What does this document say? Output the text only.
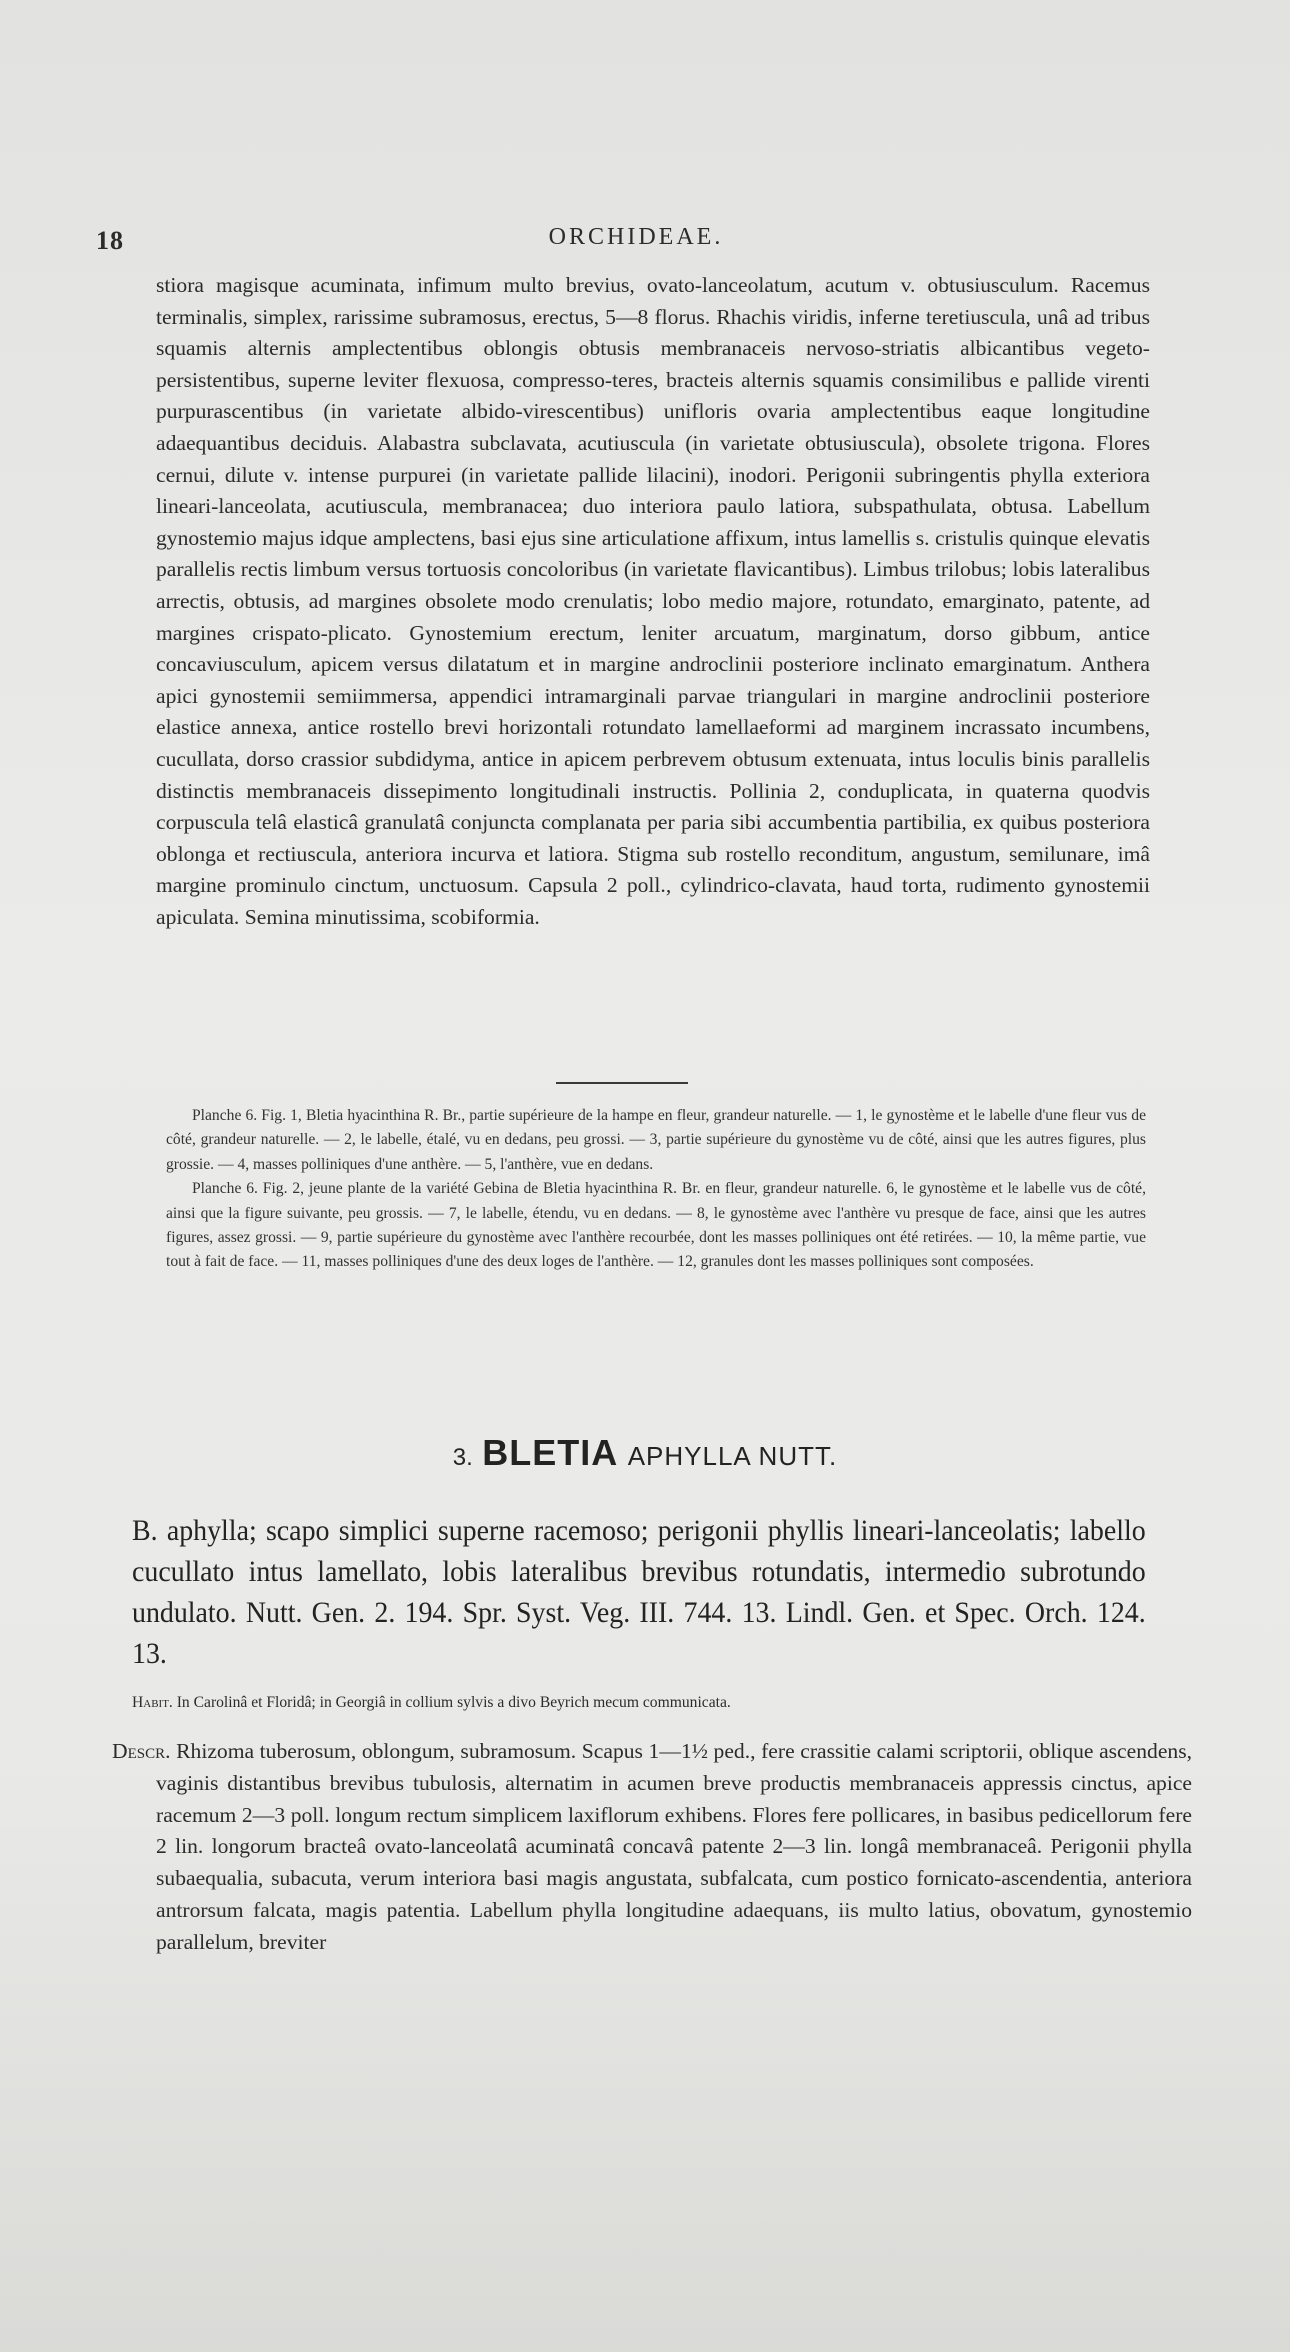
18	ORCHIDEAE.

stiora magisque acuminata, infimum multo brevius, ovato-lanceolatum, acutum v. obtusiusculum. Racemus terminalis, simplex, rarissime subramosus, erectus, 5—8 florus. Rhachis viridis, inferne teretiuscula, unâ ad tribus squamis alternis amplectentibus oblongis obtusis membranaceis nervoso-striatis albicantibus vegeto-persistentibus, superne leviter flexuosa, compresso-teres, bracteis alternis squamis consimilibus e pallide virenti purpurascentibus (in varietate albido-virescentibus) unifloris ovaria amplectentibus eaque longitudine adaequantibus deciduis. Alabastra subclavata, acutiuscula (in varietate obtusiuscula), obsolete trigona. Flores cernui, dilute v. intense purpurei (in varietate pallide lilacini), inodori. Perigonii subringentis phylla exteriora lineari-lanceolata, acutiuscula, membranacea; duo interiora paulo latiora, subspathulata, obtusa. Labellum gynostemio majus idque amplectens, basi ejus sine articulatione affixum, intus lamellis s. cristulis quinque elevatis parallelis rectis limbum versus tortuosis concoloribus (in varietate flavicantibus). Limbus trilobus; lobis lateralibus arrectis, obtusis, ad margines obsolete modo crenulatis; lobo medio majore, rotundato, emarginato, patente, ad margines crispato-plicato. Gynostemium erectum, leniter arcuatum, marginatum, dorso gibbum, antice concaviusculum, apicem versus dilatatum et in margine androclinii posteriore inclinato emarginatum. Anthera apici gynostemii semiimmersa, appendici intramarginali parvae triangulari in margine androclinii posteriore elastice annexa, antice rostello brevi horizontali rotundato lamellaeformi ad marginem incrassato incumbens, cucullata, dorso crassior subdidyma, antice in apicem perbrevem obtusum extenuata, intus loculis binis parallelis distinctis membranaceis dissepimento longitudinali instructis. Pollinia 2, conduplicata, in quaterna quodvis corpuscula telâ elasticâ granulatâ conjuncta complanata per paria sibi accumbentia partibilia, ex quibus posteriora oblonga et rectiuscula, anteriora incurva et latiora. Stigma sub rostello reconditum, angustum, semilunare, imâ margine prominulo cinctum, unctuosum. Capsula 2 poll., cylindrico-clavata, haud torta, rudimento gynostemii apiculata. Semina minutissima, scobiformia.

Planche 6. Fig. 1, Bletia hyacinthina R. Br., partie supérieure de la hampe en fleur, grandeur naturelle. — 1, le gynostème et le labelle d'une fleur vus de côté, grandeur naturelle. — 2, le labelle, étalé, vu en dedans, peu grossi. — 3, partie supérieure du gynostème vu de côté, ainsi que les autres figures, plus grossie. — 4, masses polliniques d'une anthère. — 5, l'anthère, vue en dedans.

Planche 6. Fig. 2, jeune plante de la variété Gebina de Bletia hyacinthina R. Br. en fleur, grandeur naturelle. 6, le gynostème et le labelle vus de côté, ainsi que la figure suivante, peu grossis. — 7, le labelle, étendu, vu en dedans. — 8, le gynostème avec l'anthère vu presque de face, ainsi que les autres figures, assez grossi. — 9, partie supérieure du gynostème avec l'anthère recourbée, dont les masses polliniques ont été retirées. — 10, la même partie, vue tout à fait de face. — 11, masses polliniques d'une des deux loges de l'anthère. — 12, granules dont les masses polliniques sont composées.

3. BLETIA APHYLLA NUTT.

B. aphylla; scapo simplici superne racemoso; perigonii phyllis lineari-lanceolatis; labello cucullato intus lamellato, lobis lateralibus brevibus rotundatis, intermedio subrotundo undulato. Nutt. Gen. 2. 194. Spr. Syst. Veg. III. 744. 13. Lindl. Gen. et Spec. Orch. 124. 13.

Habit. In Carolinâ et Floridâ; in Georgiâ in collium sylvis a divo Beyrich mecum communicata.

Descr. Rhizoma tuberosum, oblongum, subramosum. Scapus 1—1½ ped., fere crassitie calami scriptorii, oblique ascendens, vaginis distantibus brevibus tubulosis, alternatim in acumen breve productis membranaceis appressis cinctus, apice racemum 2—3 poll. longum rectum simplicem laxiflorum exhibens. Flores fere pollicares, in basibus pedicellorum fere 2 lin. longorum bracteâ ovato-lanceolatâ acuminatâ concavâ patente 2—3 lin. longâ membranaceâ. Perigonii phylla subaequalia, subacuta, verum interiora basi magis angustata, subfalcata, cum postico fornicato-ascendentia, anteriora antrorsum falcata, magis patentia. Labellum phylla longitudine adaequans, iis multo latius, obovatum, gynostemio parallelum, breviter
